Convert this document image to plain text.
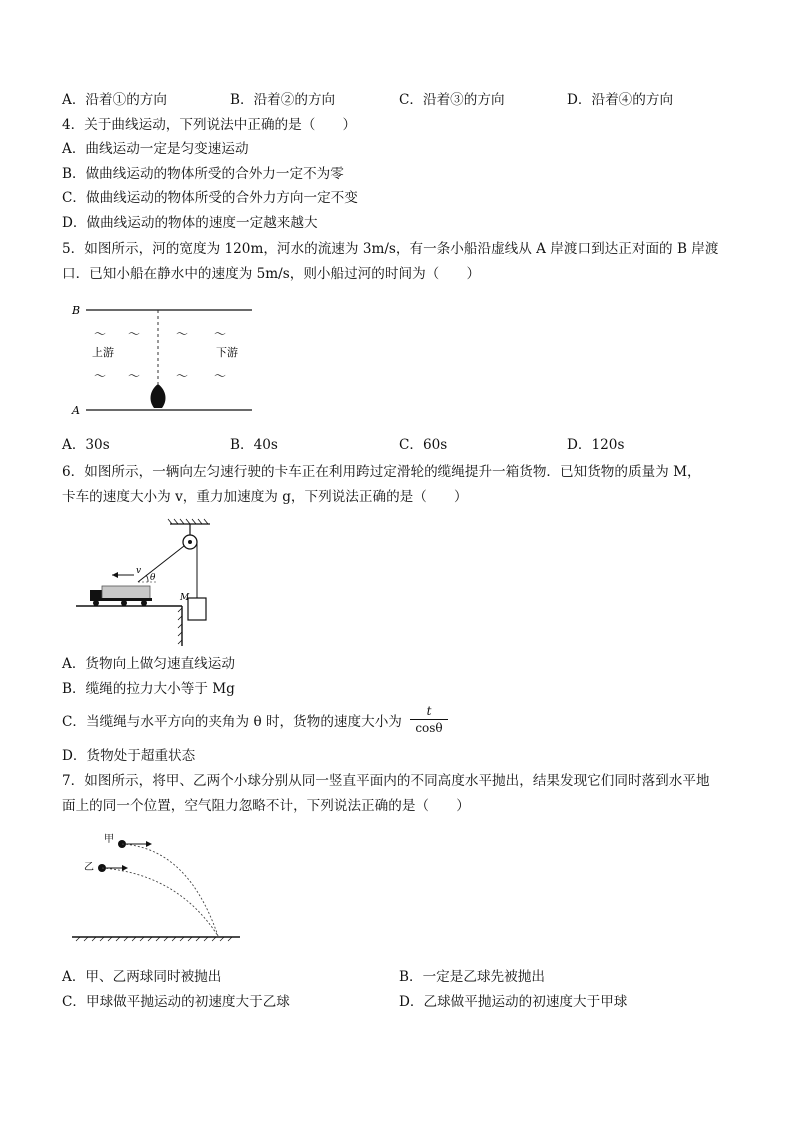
A．沿着①的方向	B．沿着②的方向	C．沿着③的方向	D．沿着④的方向
4．关于曲线运动，下列说法中正确的是（　　）
A．曲线运动一定是匀变速运动
B．做曲线运动的物体所受的合外力一定不为零
C．做曲线运动的物体所受的合外力方向一定不变
D．做曲线运动的物体的速度一定越来越大
5．如图所示，河的宽度为 120m，河水的流速为 3m/s，有一条小船沿虚线从 A 岸渡口到达正对面的 B 岸渡
口．已知小船在静水中的速度为 5m/s，则小船过河的时间为（　　）
B
A
～ ～	～ ～
上游	下游
～ ～	～ ～
A．30s	B．40s	C．60s	D．120s
6．如图所示，一辆向左匀速行驶的卡车正在利用跨过定滑轮的缆绳提升一箱货物．已知货物的质量为 M，
卡车的速度大小为 v，重力加速度为 g，下列说法正确的是（　　）
θ
v
M
A．货物向上做匀速直线运动
B．缆绳的拉力大小等于 Mg
C．当缆绳与水平方向的夹角为 θ 时，货物的速度大小为
t
cosθ
D．货物处于超重状态
7．如图所示，将甲、乙两个小球分别从同一竖直平面内的不同高度水平抛出，结果发现它们同时落到水平地
面上的同一个位置，空气阻力忽略不计，下列说法正确的是（　　）
甲
乙
A．甲、乙两球同时被抛出	B．一定是乙球先被抛出
C．甲球做平抛运动的初速度大于乙球	D．乙球做平抛运动的初速度大于甲球
